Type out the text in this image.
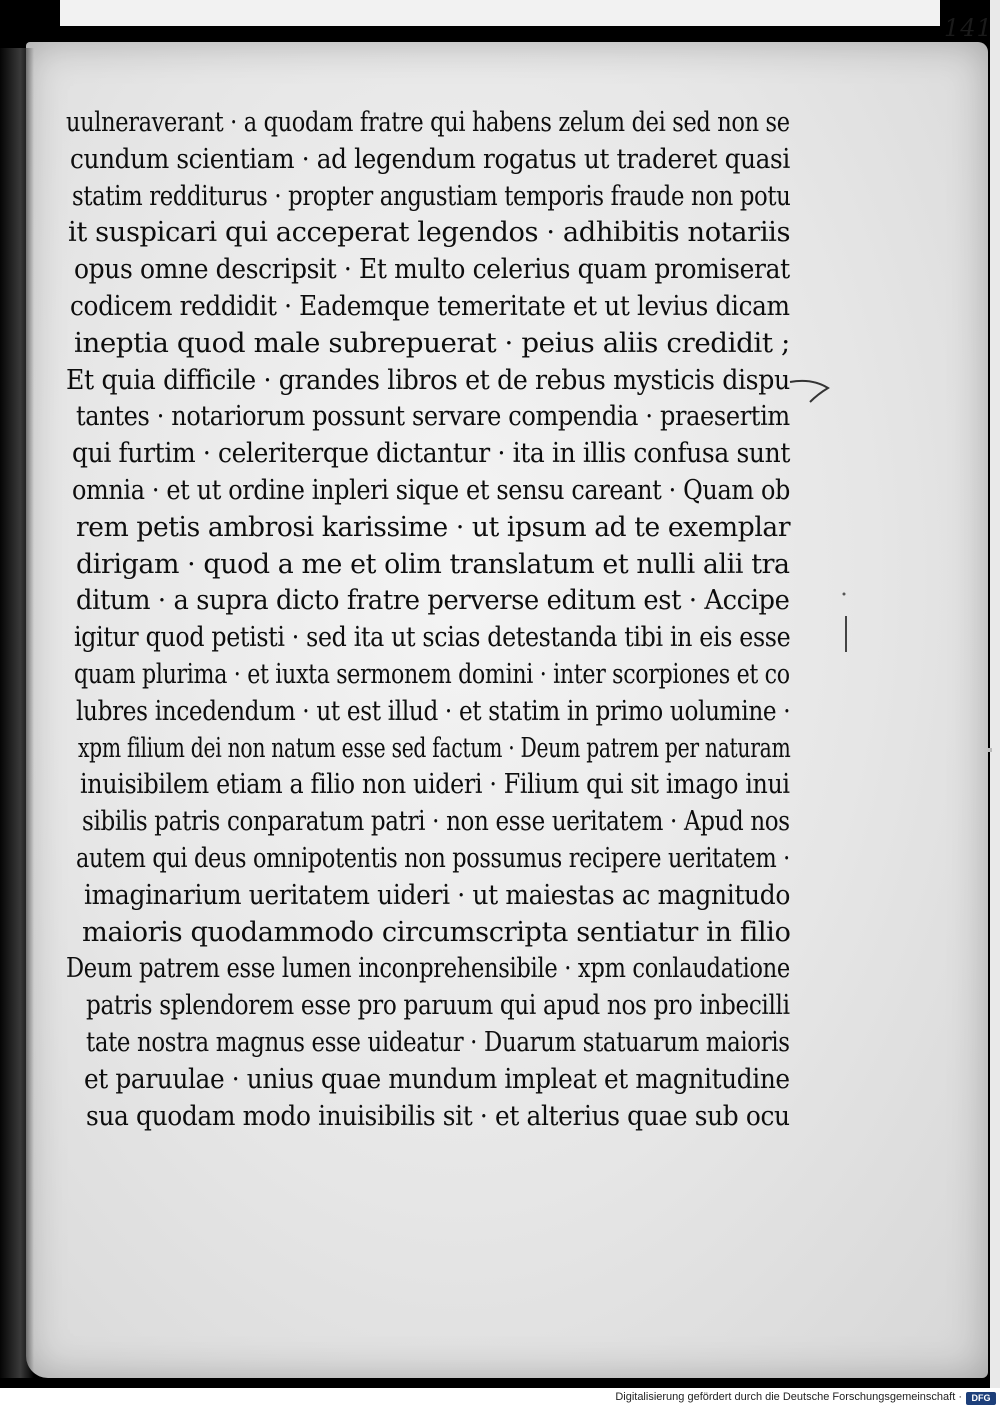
141
uulneraverant · a quodam fratre qui habens zelum dei sed non se
cundum scientiam · ad legendum rogatus ut traderet quasi
statim redditurus · propter angustiam temporis fraude non potu
it suspicari qui acceperat legendos · adhibitis notariis
opus omne descripsit · Et multo celerius quam promiserat
codicem reddidit · Eademque temeritate et ut levius dicam
ineptia quod male subrepuerat · peius aliis credidit ;
Et quia difficile · grandes libros et de rebus mysticis dispu
tantes · notariorum possunt servare compendia · praesertim
qui furtim · celeriterque dictantur · ita in illis confusa sunt
omnia · et ut ordine inpleri sique et sensu careant · Quam ob
rem petis ambrosi karissime · ut ipsum ad te exemplar
dirigam · quod a me et olim translatum et nulli alii tra
ditum · a supra dicto fratre perverse editum est · Accipe
igitur quod petisti · sed ita ut scias detestanda tibi in eis esse
quam plurima · et iuxta sermonem domini · inter scorpiones et co
lubres incedendum · ut est illud · et statim in primo uolumine ·
xpm filium dei non natum esse sed factum · Deum patrem per naturam
inuisibilem etiam a filio non uideri · Filium qui sit imago inui
sibilis patris conparatum patri · non esse ueritatem · Apud nos
autem qui deus omnipotentis non possumus recipere ueritatem ·
imaginarium ueritatem uideri · ut maiestas ac magnitudo
maioris quodammodo circumscripta sentiatur in filio
Deum patrem esse lumen inconprehensibile · xpm conlaudatione
patris splendorem esse pro paruum qui apud nos pro inbecilli
tate nostra magnus esse uideatur · Duarum statuarum maioris
et paruulae · unius quae mundum impleat et magnitudine
sua quodam modo inuisibilis sit · et alterius quae sub ocu
Digitalisierung gefördert durch die Deutsche Forschungsgemeinschaft ·	DFG
